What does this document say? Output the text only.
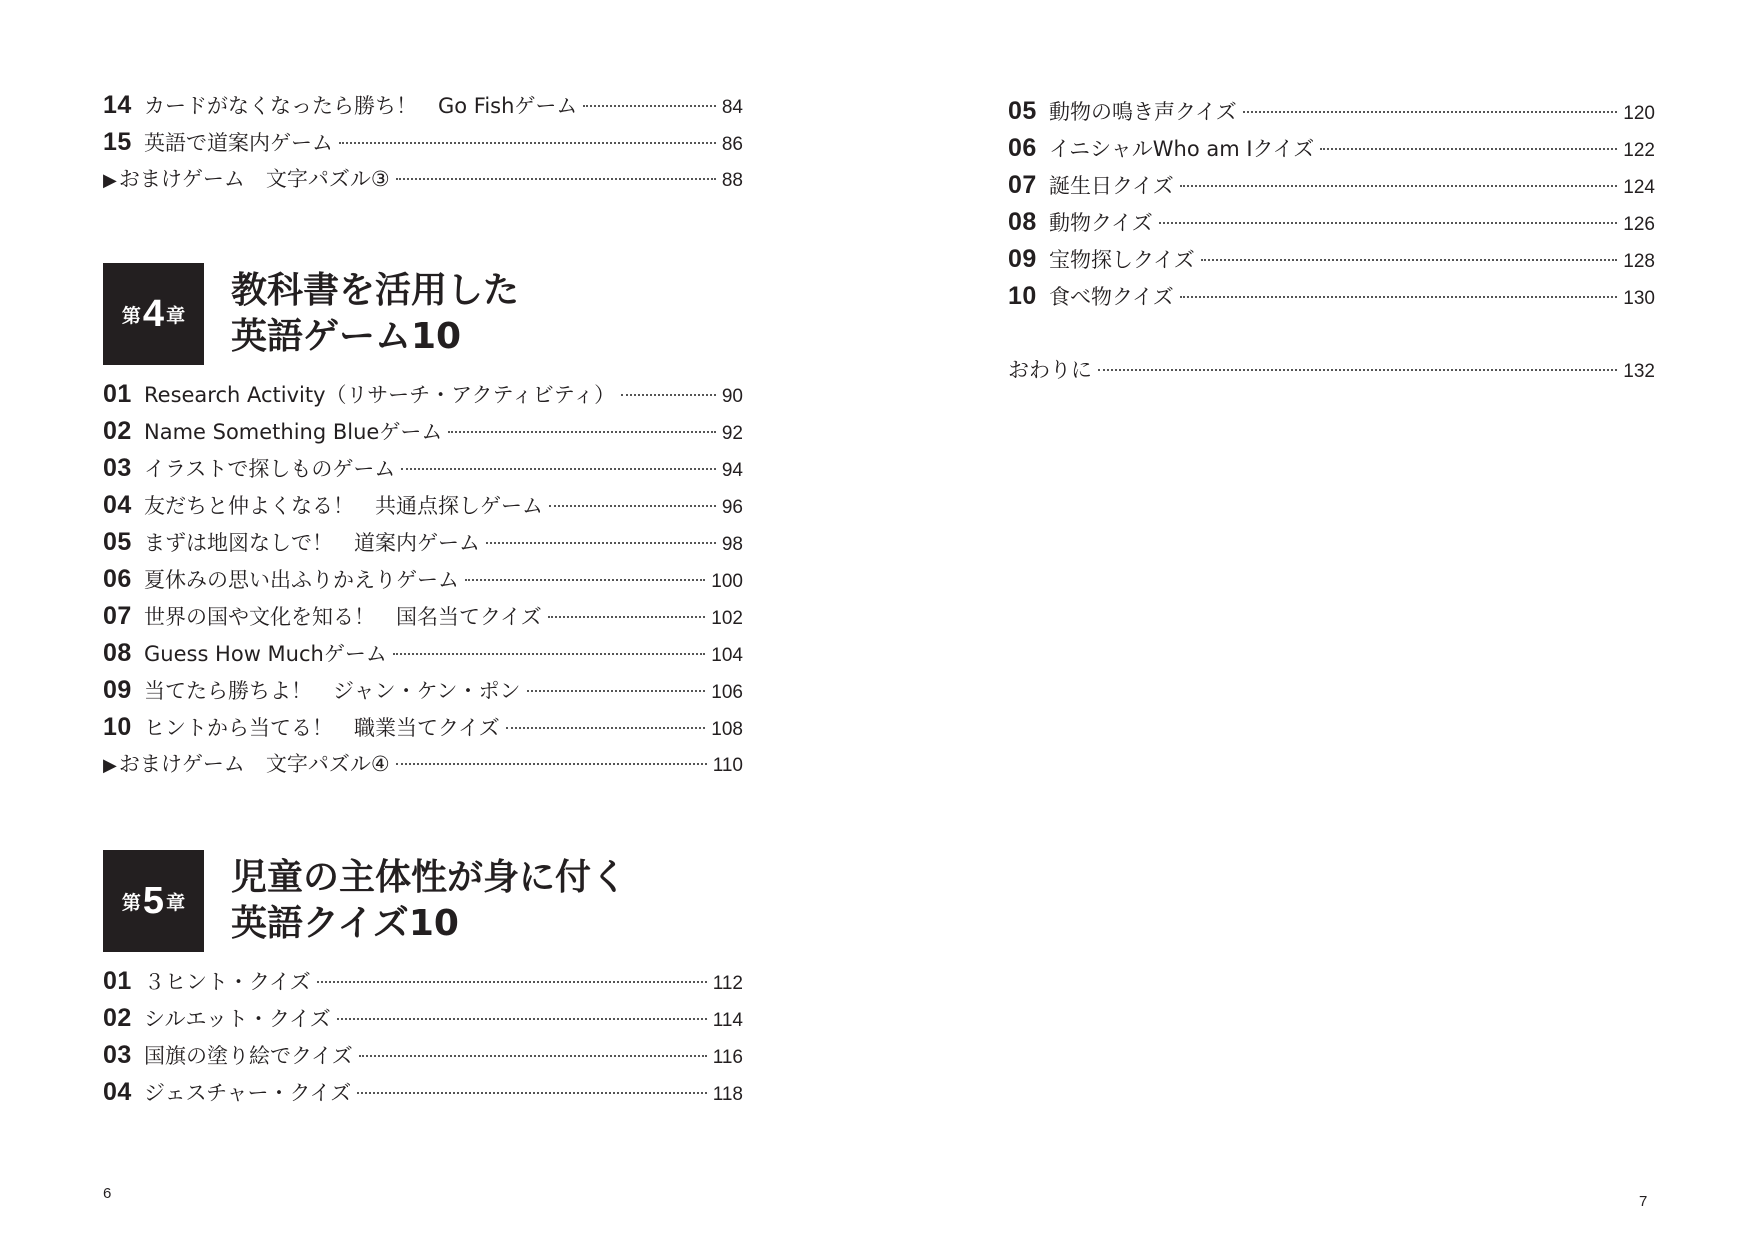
14 カードがなくなったら勝ち！　Go Fishゲーム	84
15 英語で道案内ゲーム	86
▶ おまけゲーム　文字パズル③	88
第 4 章
教科書を活用した
英語ゲーム10
01 Research Activity（リサーチ・アクティビティ）	90
02 Name Something Blueゲーム	92
03 イラストで探しものゲーム	94
04 友だちと仲よくなる！　共通点探しゲーム	96
05 まずは地図なしで！　道案内ゲーム	98
06 夏休みの思い出ふりかえりゲーム	100
07 世界の国や文化を知る！　国名当てクイズ	102
08 Guess How Muchゲーム	104
09 当てたら勝ちよ！　ジャン・ケン・ポン	106
10 ヒントから当てる！　職業当てクイズ	108
▶ おまけゲーム　文字パズル④	110
第 5 章
児童の主体性が身に付く
英語クイズ10
01 ３ヒント・クイズ	112
02 シルエット・クイズ	114
03 国旗の塗り絵でクイズ	116
04 ジェスチャー・クイズ	118
6
05 動物の鳴き声クイズ	120
06 イニシャルWho am Iクイズ	122
07 誕生日クイズ	124
08 動物クイズ	126
09 宝物探しクイズ	128
10 食べ物クイズ	130
おわりに	132
7
